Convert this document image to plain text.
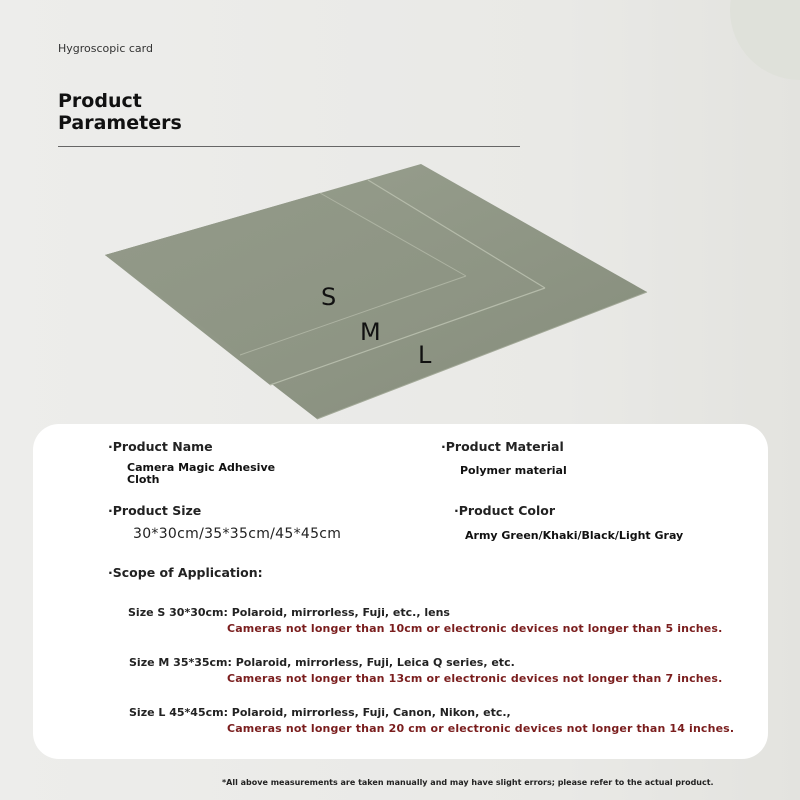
Hygroscopic card
Product
Parameters
S
M
L
·Product Name
Camera Magic Adhesive
Cloth
·Product Material
Polymer material
·Product Size
30*30cm/35*35cm/45*45cm
·Product Color
Army Green/Khaki/Black/Light Gray
·Scope of Application:
Size S 30*30cm: Polaroid, mirrorless, Fuji, etc., lens
Cameras not longer than 10cm or electronic devices not longer than 5 inches.
Size M 35*35cm: Polaroid, mirrorless, Fuji, Leica Q series, etc.
Cameras not longer than 13cm or electronic devices not longer than 7 inches.
Size L 45*45cm: Polaroid, mirrorless, Fuji, Canon, Nikon, etc.,
Cameras not longer than 20 cm or electronic devices not longer than 14 inches.
*All above measurements are taken manually and may have slight errors; please refer to the actual product.
